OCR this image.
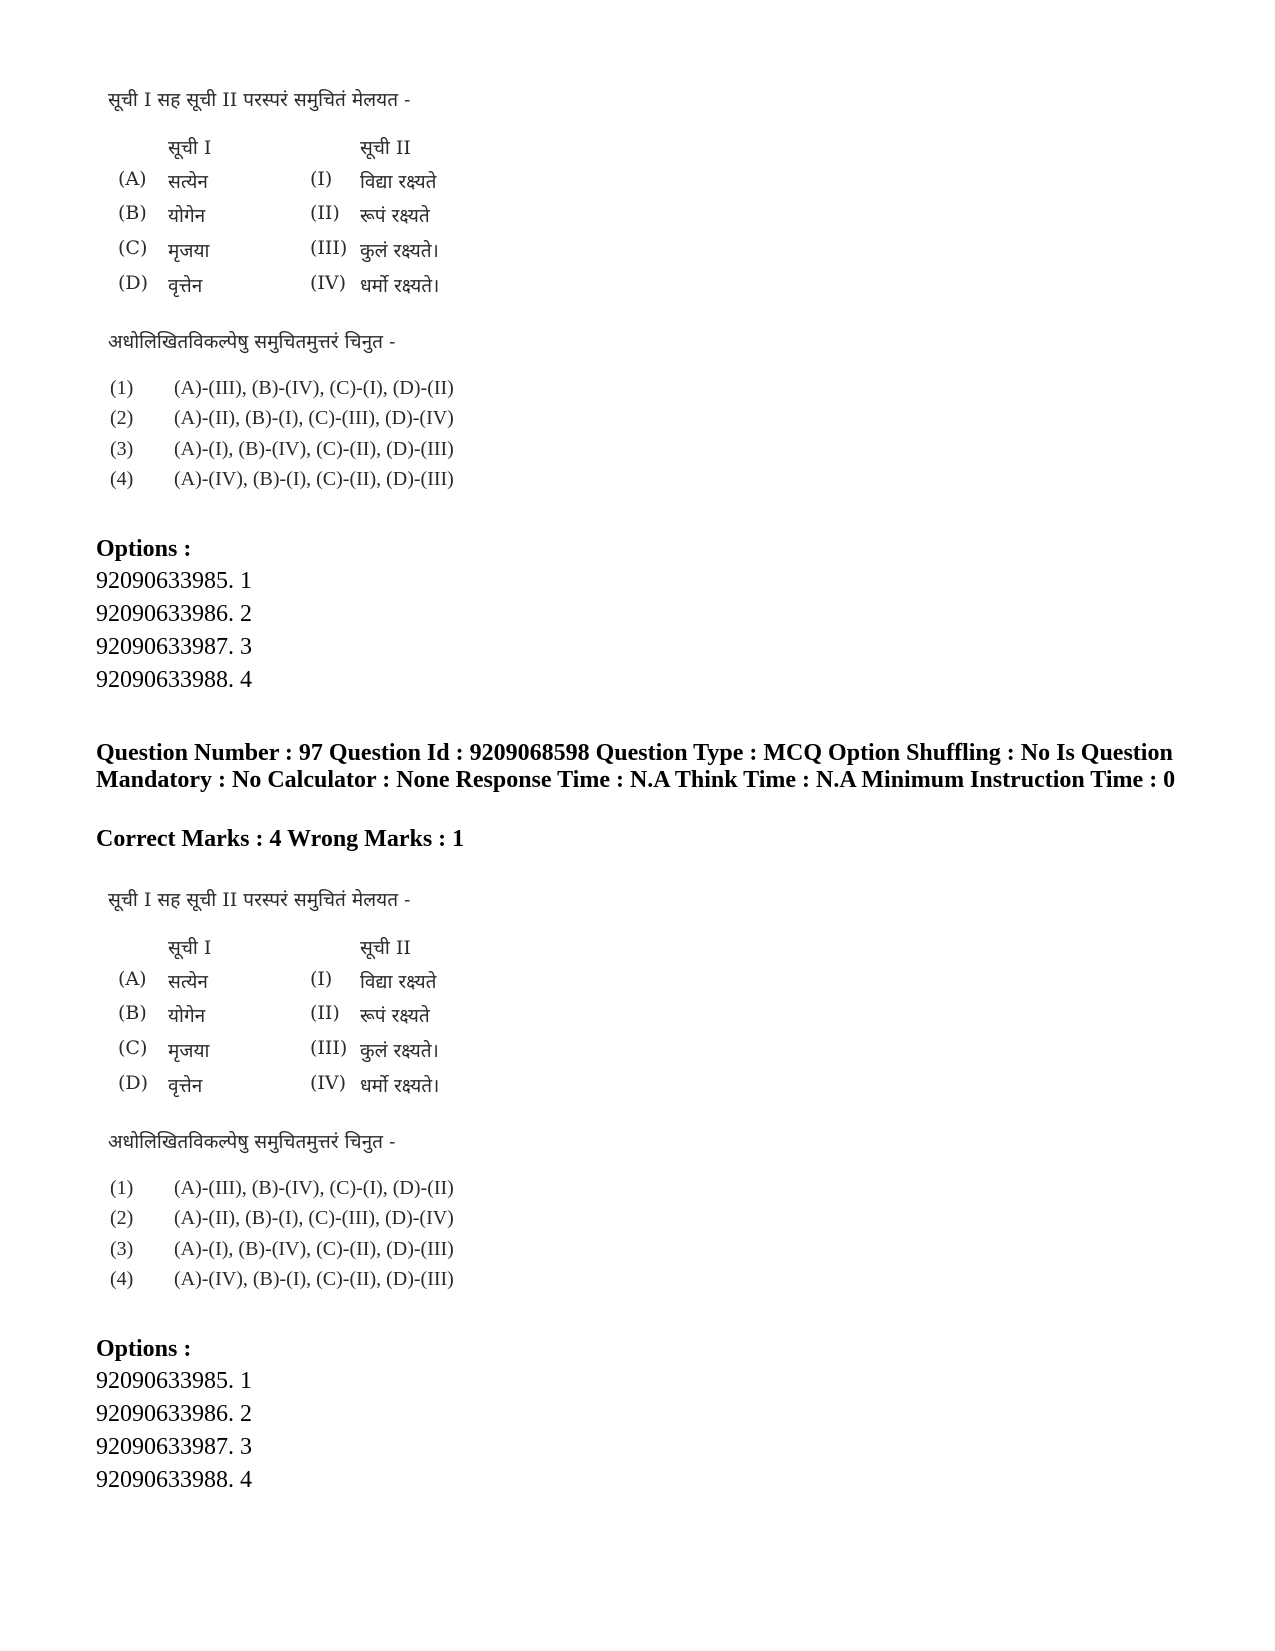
सूची I सह सूची II परस्परं समुचितं मेलयत -
सूची I	सूची II
(A) सत्येन	(I) विद्या रक्ष्यते
(B) योगेन	(II) रूपं रक्ष्यते
(C) मृजया	(III) कुलं रक्ष्यते।
(D) वृत्तेन	(IV) धर्मो रक्ष्यते।
अधोलिखितविकल्पेषु समुचितमुत्तरं चिनुत -
(1) (A)-(III), (B)-(IV), (C)-(I), (D)-(II)
(2) (A)-(II), (B)-(I), (C)-(III), (D)-(IV)
(3) (A)-(I), (B)-(IV), (C)-(II), (D)-(III)
(4) (A)-(IV), (B)-(I), (C)-(II), (D)-(III)
Options :
92090633985. 1
92090633986. 2
92090633987. 3
92090633988. 4
Question Number : 97 Question Id : 9209068598 Question Type : MCQ Option Shuffling : No Is Question Mandatory : No Calculator : None Response Time : N.A Think Time : N.A Minimum Instruction Time : 0
Correct Marks : 4 Wrong Marks : 1
सूची I सह सूची II परस्परं समुचितं मेलयत -
सूची I	सूची II
(A) सत्येन	(I) विद्या रक्ष्यते
(B) योगेन	(II) रूपं रक्ष्यते
(C) मृजया	(III) कुलं रक्ष्यते।
(D) वृत्तेन	(IV) धर्मो रक्ष्यते।
अधोलिखितविकल्पेषु समुचितमुत्तरं चिनुत -
(1) (A)-(III), (B)-(IV), (C)-(I), (D)-(II)
(2) (A)-(II), (B)-(I), (C)-(III), (D)-(IV)
(3) (A)-(I), (B)-(IV), (C)-(II), (D)-(III)
(4) (A)-(IV), (B)-(I), (C)-(II), (D)-(III)
Options :
92090633985. 1
92090633986. 2
92090633987. 3
92090633988. 4
